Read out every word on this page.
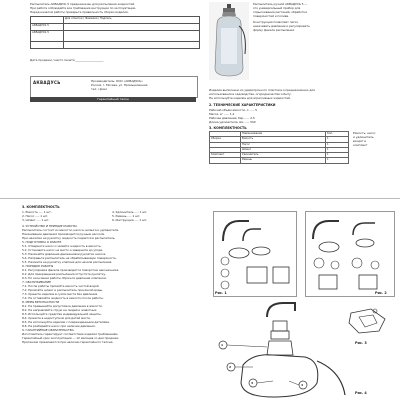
Распылитель АКВАДУСЬ 5 предназначен для распыления жидкостей.
При работе соблюдайте все требования инструкции по эксплуатации.
Перед началом работы проверьте правильность сборки изделия.
	Для отметки / Фамилия / Подпись
АКВАДУСЬ 5	
АКВАДУСЬ 5	

Дата продажи / место печати ____________________
АКВАДУСЬ	Производитель: ООО «АКВАДУСЬ»
Россия, г. Москва, ул. Промышленная
тел. / факс
Гарантийный талон
Распылитель ручной АКВАДУСЬ 5 —
это универсальный прибор для
опрыскивания растений, обработки
поверхностей и полива.
Конструкция позволяет легко
накачивать давление и регулировать
форму факела распыления.
Изделие выполнено из ударопрочного пластика и предназначено для
использования в садоводстве, огородничестве и быту.
Не используйте изделие для агрессивных жидкостей.
2. ТЕХНИЧЕСКИЕ ХАРАКТЕРИСТИКИ
Рабочий объём емкости, л ...... 5
Масса, кг ...... 1,2
Рабочее давление, бар ...... 2,5
Длина удлинителя, мм ...... 500
3. КОМПЛЕКТНОСТЬ
	Наименование	Кол.
Сборка	Емкость	1
	Насос	1
	Шланг	1
Комплект	Удлинитель	1
	Ремень	1
Емкость, насос
и удлинитель
входят в
комплект
3. КОМПЛЕКТНОСТЬ
1. Емкость ..... 1 шт.
2. Насос ..... 1 шт.
3. Шланг ..... 1 шт.
4. Удлинитель ..... 1 шт.
5. Ремень ..... 1 шт.
6. Инструкция ..... 1 шт.
4. УСТРОЙСТВО И ПРИНЦИП РАБОТЫ
Распылитель состоит из емкости, насоса, шланга и удлинителя.
Накачивание давления производится ручным насосом.
При нажатии на рукоятку жидкость подается в распылитель.
5. ПОДГОТОВКА К РАБОТЕ
5.1. Отверните насос и залейте жидкость в емкость.
5.2. Установите насос на место и заверните до упора.
5.3. Накачайте давление движениями рукоятки насоса.
5.4. Направьте распылитель на обрабатываемую поверхность.
5.5. Нажмите на рукоятку клапана для начала распыления.
6. ПОРЯДОК РАБОТЫ
6.1. Регулировка факела производится поворотом наконечника.
6.2. Для прекращения распыления отпустите рукоятку.
6.3. По окончании работы сбросьте давление клапаном.
7. ОБСЛУЖИВАНИЕ
7.1. После работы промойте емкость чистой водой.
7.2. Промойте шланг и распылитель прокачкой воды.
7.3. Храните изделие в сухом месте без давления.
7.4. Не оставляйте жидкость в емкости после работы.
8. МЕРЫ БЕЗОПАСНОСТИ
8.1. Не превышайте допустимое давление в емкости.
8.2. Не направляйте струю на людей и животных.
8.3. Используйте средства индивидуальной защиты.
8.4. Храните в недоступном для детей месте.
8.5. Не используйте изделие с поврежденными деталями.
8.6. Не разбирайте насос при наличии давления.
9. ГАРАНТИЙНЫЕ ОБЯЗАТЕЛЬСТВА
Изготовитель гарантирует соответствие изделия требованиям.
Гарантийный срок эксплуатации — 12 месяцев со дня продажи.
Претензии принимаются при наличии гарантийного талона.
Рис. 1	Рис. 2
1
2
3	4
Рис. 3
Рис. 4
